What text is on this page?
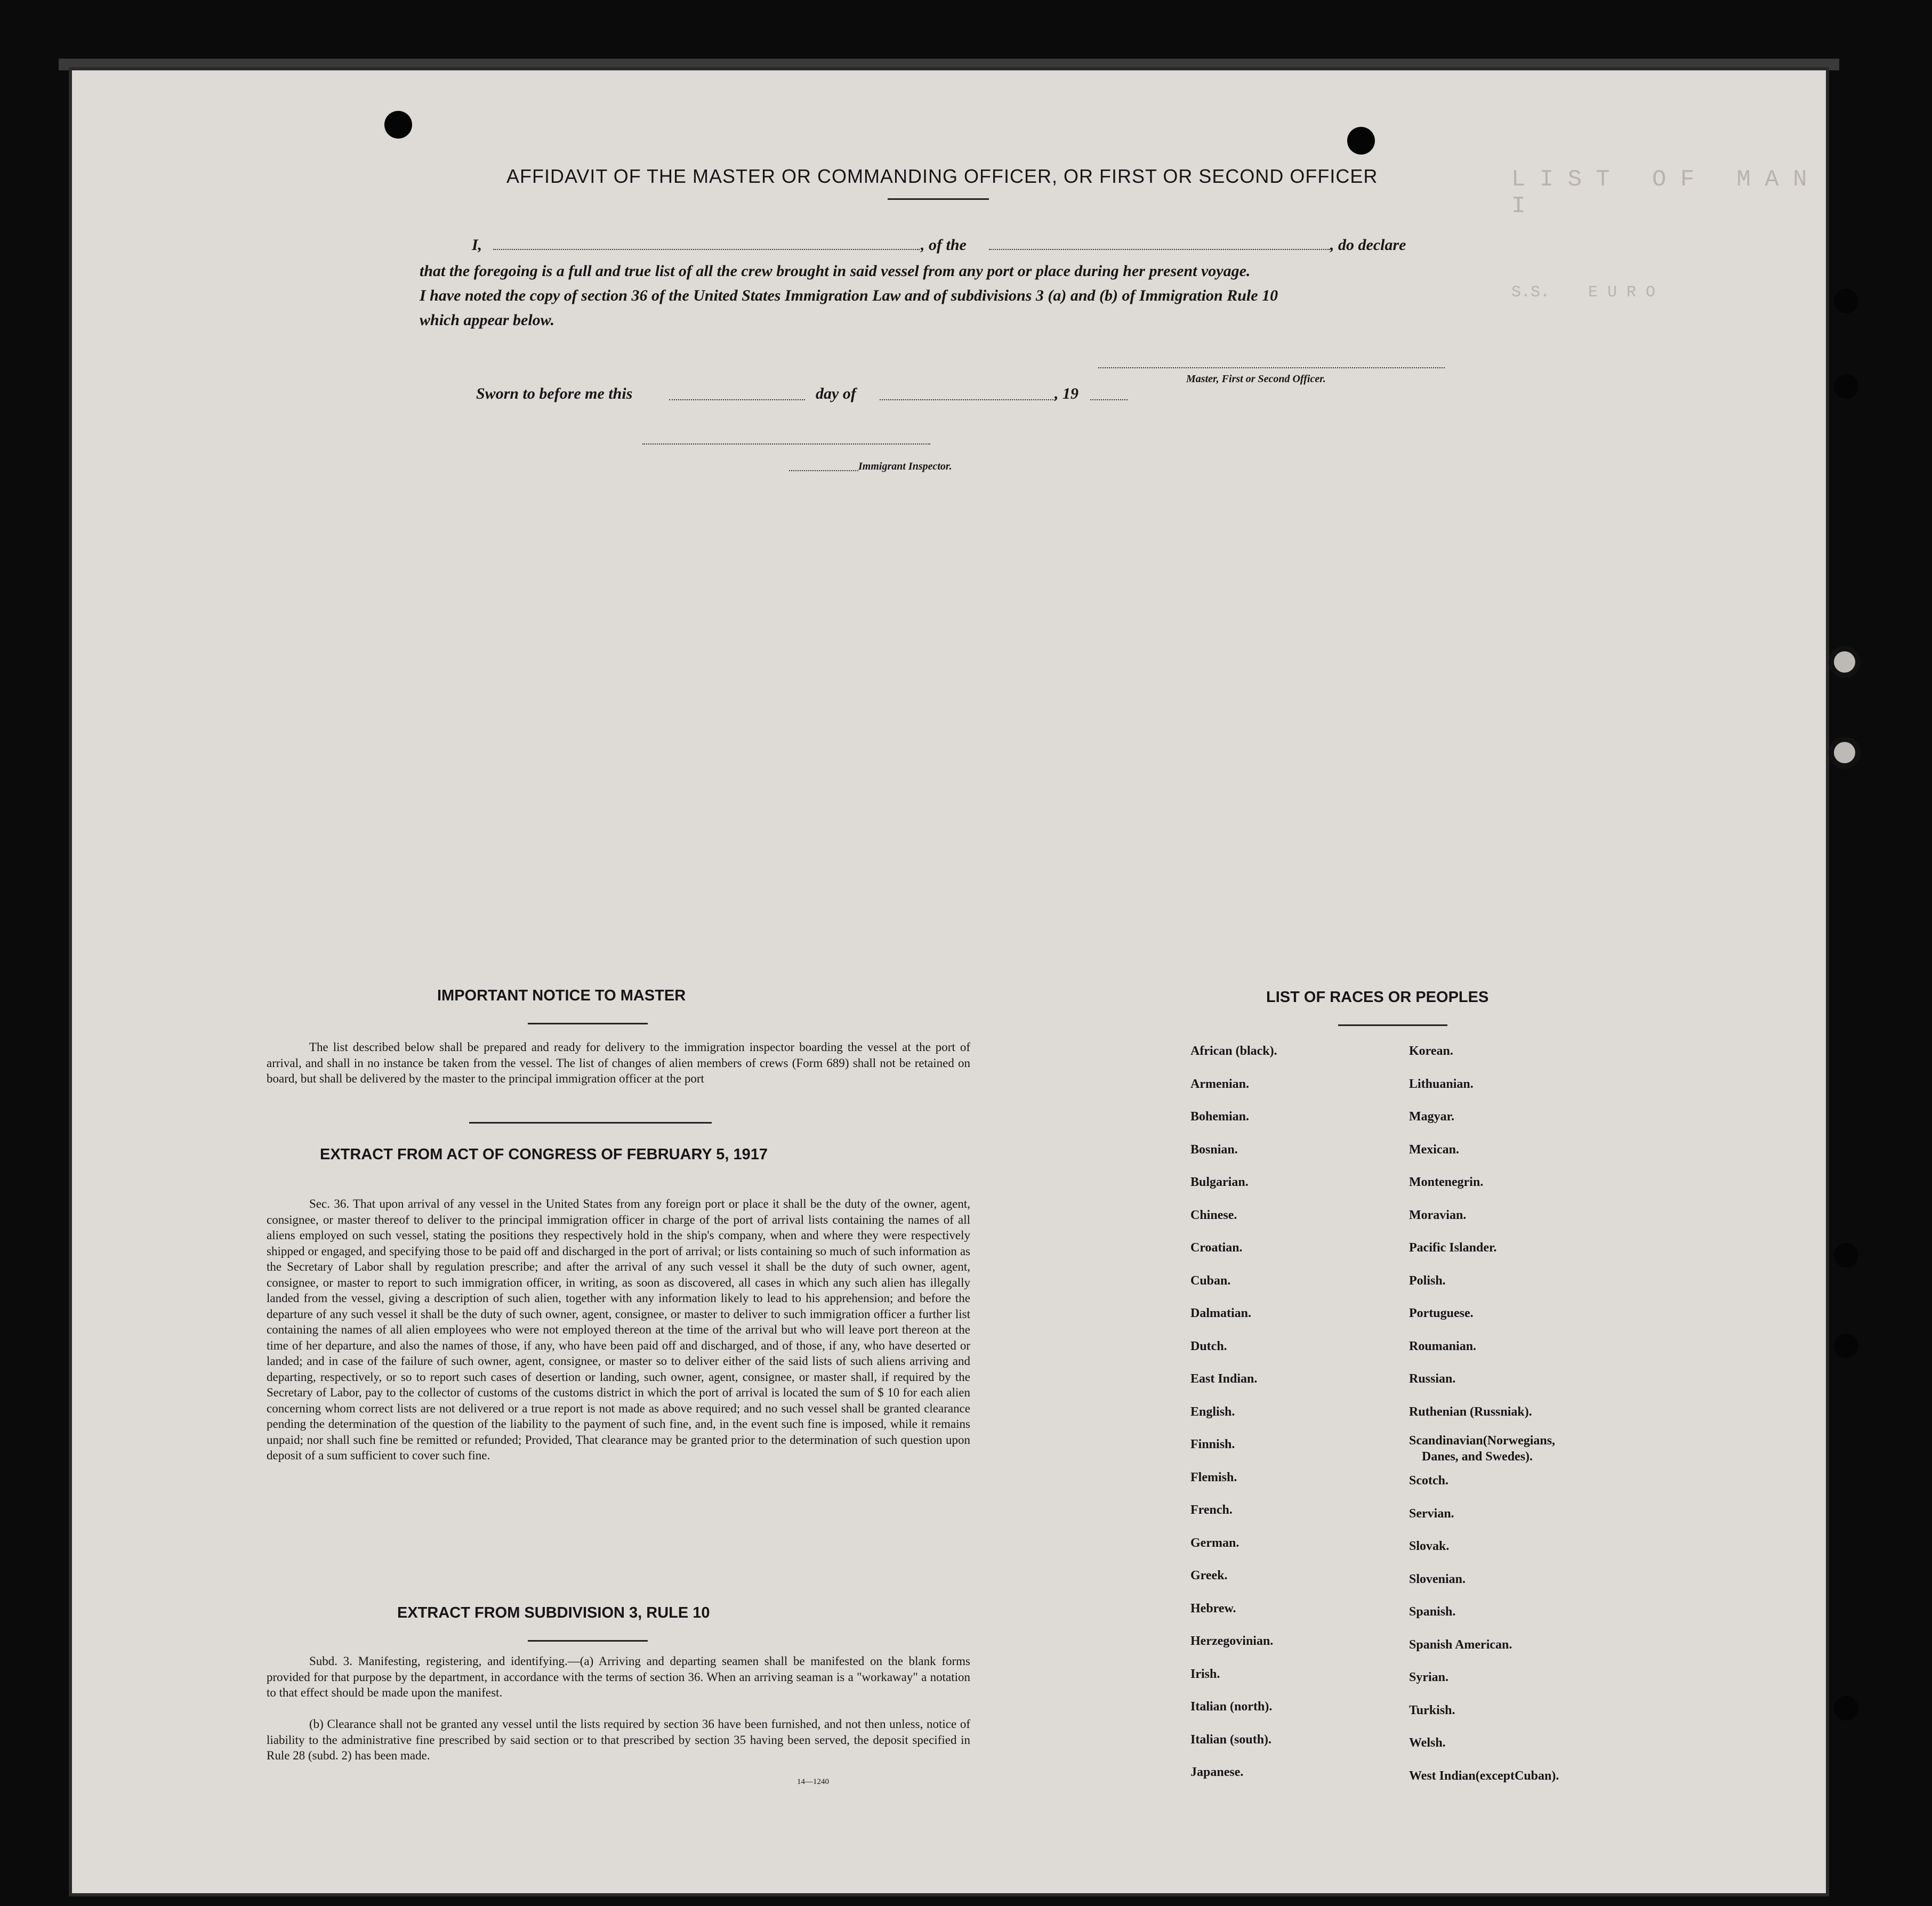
L I S T   O F   M A N I
S.S.    E U R O
AFFIDAVIT OF THE MASTER OR COMMANDING OFFICER, OR FIRST OR SECOND OFFICER
I,	, of the	, do declare
that the foregoing is a full and true list of all the crew brought in said vessel from any port or place during her present voyage.
I have noted the copy of section 36 of the United States Immigration Law and of subdivisions 3 (a) and (b) of Immigration Rule 10
which appear below.
Master, First or Second Officer.
Sworn to before me this	day of	, 19
Immigrant Inspector.
IMPORTANT NOTICE TO MASTER
The list described below shall be prepared and ready for delivery to the immigration inspector boarding the vessel at the port of arrival, and shall in no instance be taken from the vessel. The list of changes of alien members of crews (Form 689) shall not be retained on board, but shall be delivered by the master to the principal immigration officer at the port
EXTRACT FROM ACT OF CONGRESS OF FEBRUARY 5, 1917
Sec. 36. That upon arrival of any vessel in the United States from any foreign port or place it shall be the duty of the owner, agent, consignee, or master thereof to deliver to the principal immigration officer in charge of the port of arrival lists containing the names of all aliens employed on such vessel, stating the positions they respectively hold in the ship's company, when and where they were respectively shipped or engaged, and specifying those to be paid off and discharged in the port of arrival; or lists containing so much of such information as the Secretary of Labor shall by regulation prescribe; and after the arrival of any such vessel it shall be the duty of such owner, agent, consignee, or master to report to such immigration officer, in writing, as soon as discovered, all cases in which any such alien has illegally landed from the vessel, giving a description of such alien, together with any information likely to lead to his apprehension; and before the departure of any such vessel it shall be the duty of such owner, agent, consignee, or master to deliver to such immigration officer a further list containing the names of all alien employees who were not employed thereon at the time of the arrival but who will leave port thereon at the time of her departure, and also the names of those, if any, who have been paid off and discharged, and of those, if any, who have deserted or landed; and in case of the failure of such owner, agent, consignee, or master so to deliver either of the said lists of such aliens arriving and departing, respectively, or so to report such cases of desertion or landing, such owner, agent, consignee, or master shall, if required by the Secretary of Labor, pay to the collector of customs of the customs district in which the port of arrival is located the sum of $ 10 for each alien concerning whom correct lists are not delivered or a true report is not made as above required; and no such vessel shall be granted clearance pending the determination of the question of the liability to the payment of such fine, and, in the event such fine is imposed, while it remains unpaid; nor shall such fine be remitted or refunded; Provided, That clearance may be granted prior to the determination of such question upon deposit of a sum sufficient to cover such fine.
EXTRACT FROM SUBDIVISION 3, RULE 10
Subd. 3. Manifesting, registering, and identifying.—(a) Arriving and departing seamen shall be manifested on the blank forms provided for that purpose by the department, in accordance with the terms of section 36. When an arriving seaman is a "workaway" a notation to that effect should be made upon the manifest.
(b) Clearance shall not be granted any vessel until the lists required by section 36 have been furnished, and not then unless, notice of liability to the administrative fine prescribed by said section or to that prescribed by section 35 having been served, the deposit specified in Rule 28 (subd. 2) has been made.
14—1240
LIST OF RACES OR PEOPLES
African (black).
Armenian.
Bohemian.
Bosnian.
Bulgarian.
Chinese.
Croatian.
Cuban.
Dalmatian.
Dutch.
East Indian.
English.
Finnish.
Flemish.
French.
German.
Greek.
Hebrew.
Herzegovinian.
Irish.
Italian (north).
Italian (south).
Japanese.
Korean.
Lithuanian.
Magyar.
Mexican.
Montenegrin.
Moravian.
Pacific Islander.
Polish.
Portuguese.
Roumanian.
Russian.
Ruthenian (Russniak).
Scandinavian(Norwegians,
Danes, and Swedes).
Scotch.
Servian.
Slovak.
Slovenian.
Spanish.
Spanish American.
Syrian.
Turkish.
Welsh.
West Indian(exceptCuban).
